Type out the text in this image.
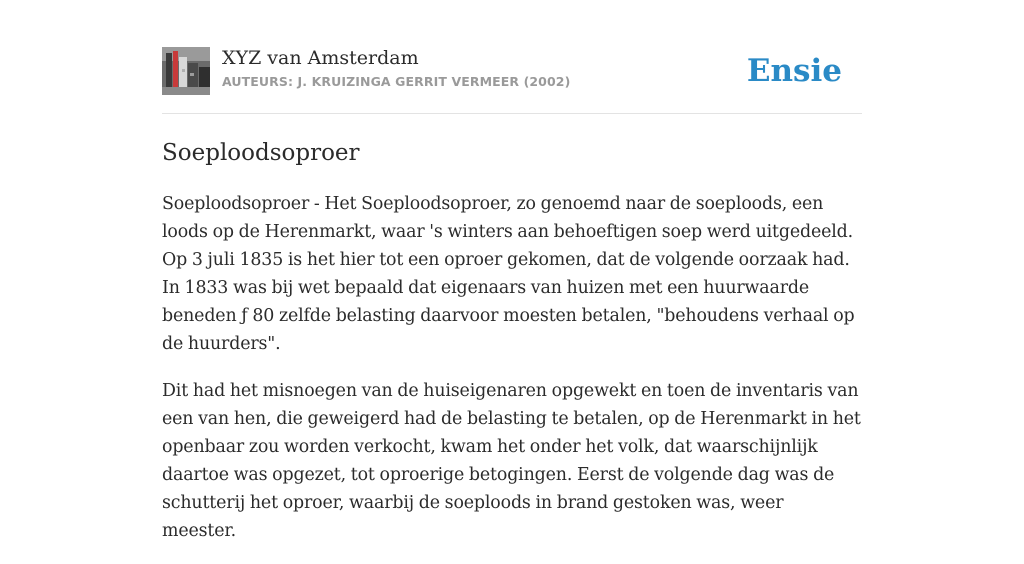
XYZ van Amsterdam
AUTEURS: J. KRUIZINGA GERRIT VERMEER (2002)	Ensie
Soeploodsoproer

Soeploodsoproer - Het Soeploodsoproer, zo genoemd naar de soeploods, een loods op de Herenmarkt, waar 's winters aan behoeftigen soep werd uitgedeeld. Op 3 juli 1835 is het hier tot een oproer gekomen, dat de volgende oorzaak had. In 1833 was bij wet bepaald dat eigenaars van huizen met een huurwaarde beneden ƒ 80 zelfde belasting daarvoor moesten betalen, "behoudens verhaal op de huurders".

Dit had het misnoegen van de huiseigenaren opgewekt en toen de inventaris van een van hen, die geweigerd had de belasting te betalen, op de Herenmarkt in het openbaar zou worden verkocht, kwam het onder het volk, dat waarschijnlijk daartoe was opgezet, tot oproerige betogingen. Eerst de volgende dag was de schutterij het oproer, waarbij de soeploods in brand gestoken was, weer meester.
